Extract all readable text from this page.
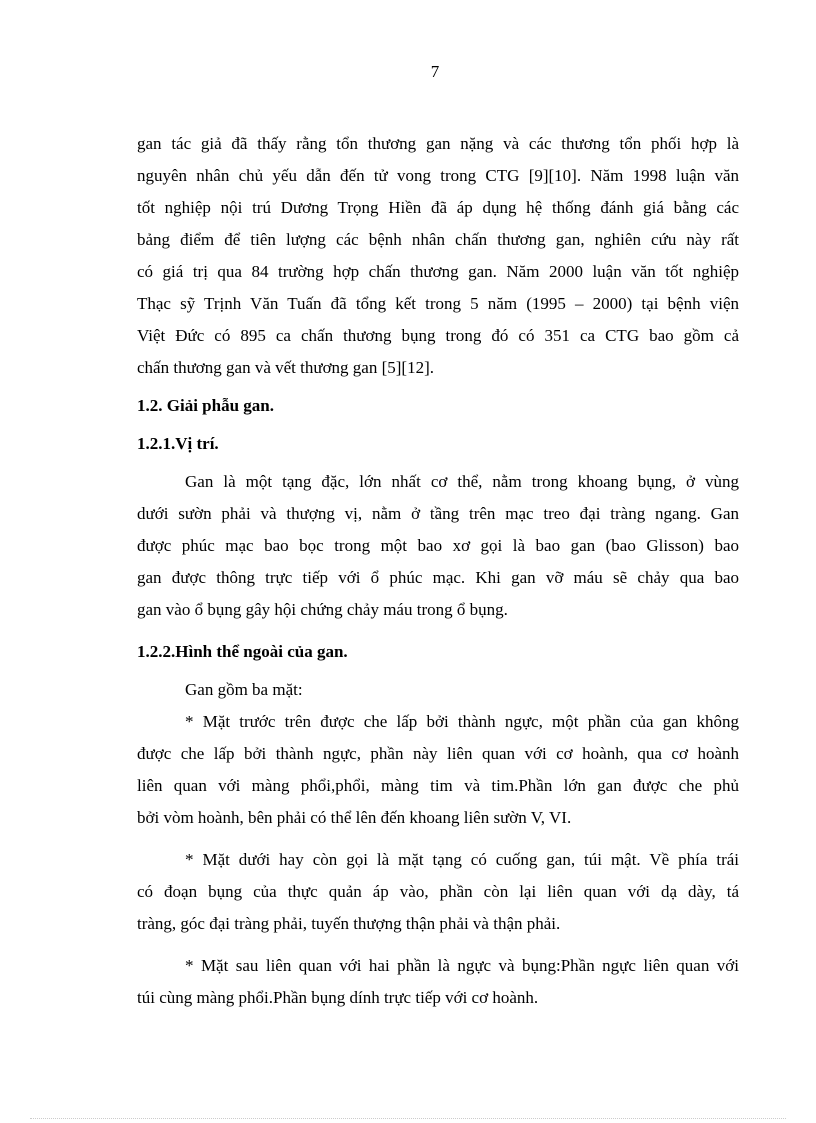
7
gan tác giả đã thấy rằng tổn thương gan nặng và các thương tổn phối hợp là
nguyên nhân chủ yếu dẫn đến tử vong trong CTG [9][10]. Năm 1998 luận văn
tốt nghiệp nội trú Dương Trọng Hiền đã áp dụng hệ thống đánh giá bằng các
bảng điểm để tiên lượng các bệnh nhân chấn thương gan, nghiên cứu này rất
có giá trị qua 84 trường hợp chấn thương gan. Năm 2000 luận văn tốt nghiệp
Thạc sỹ Trịnh Văn Tuấn đã tổng kết trong 5 năm (1995 – 2000) tại bệnh viện
Việt Đức có 895 ca chấn thương bụng trong đó có 351 ca CTG bao gồm cả
chấn thương gan và vết thương gan [5][12].
1.2. Giải phẫu gan.
1.2.1.Vị trí.
Gan là một tạng đặc, lớn nhất cơ thể, nằm trong khoang bụng, ở vùng
dưới sườn phải và thượng vị, nằm ở tầng trên mạc treo đại tràng ngang. Gan
được phúc mạc bao bọc trong một bao xơ gọi là bao gan (bao Glisson) bao
gan được thông trực tiếp với ổ phúc mạc. Khi gan vỡ máu sẽ chảy qua bao
gan vào ổ bụng gây hội chứng chảy máu trong ổ bụng.
1.2.2.Hình thể ngoài của gan.
Gan gồm ba mặt:
* Mặt trước trên được che lấp bởi thành ngực, một phần của gan không
được che lấp bởi thành ngực, phần này liên quan với cơ hoành, qua cơ hoành
liên quan với màng phổi,phổi, màng tim và tim.Phần lớn gan được che phủ
bởi vòm hoành, bên phải có thể lên đến khoang liên sườn V, VI.
* Mặt dưới hay còn gọi là mặt tạng có cuống gan, túi mật. Về phía trái
có đoạn bụng của thực quản áp vào, phần còn lại liên quan với dạ dày, tá
tràng, góc đại tràng phải, tuyến thượng thận phải và thận phải.
* Mặt sau liên quan với hai phần là ngực và bụng:Phần ngực liên quan với
túi cùng màng phổi.Phần bụng dính trực tiếp với cơ hoành.
